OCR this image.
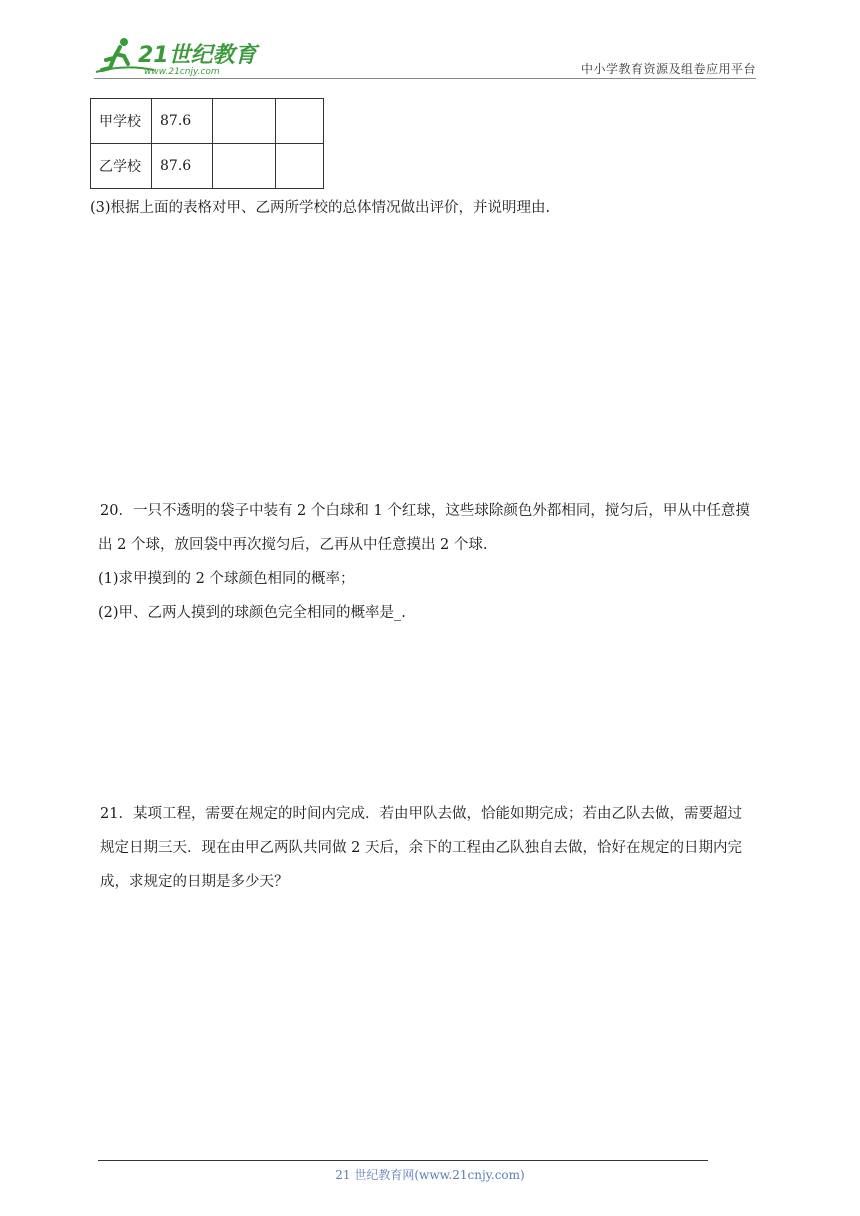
21世纪教育
www.21cnjy.com	中小学教育资源及组卷应用平台
甲学校	87.6		
乙学校	87.6		

(3)根据上面的表格对甲、乙两所学校的总体情况做出评价，并说明理由.

20．一只不透明的袋子中装有 2 个白球和 1 个红球，这些球除颜色外都相同，搅匀后，甲从中任意摸
出 2 个球，放回袋中再次搅匀后，乙再从中任意摸出 2 个球.
(1)求甲摸到的 2 个球颜色相同的概率；
(2)甲、乙两人摸到的球颜色完全相同的概率是_.

21．某项工程，需要在规定的时间内完成．若由甲队去做，恰能如期完成；若由乙队去做，需要超过
规定日期三天．现在由甲乙两队共同做 2 天后，余下的工程由乙队独自去做，恰好在规定的日期内完
成，求规定的日期是多少天？

21 世纪教育网(www.21cnjy.com)
